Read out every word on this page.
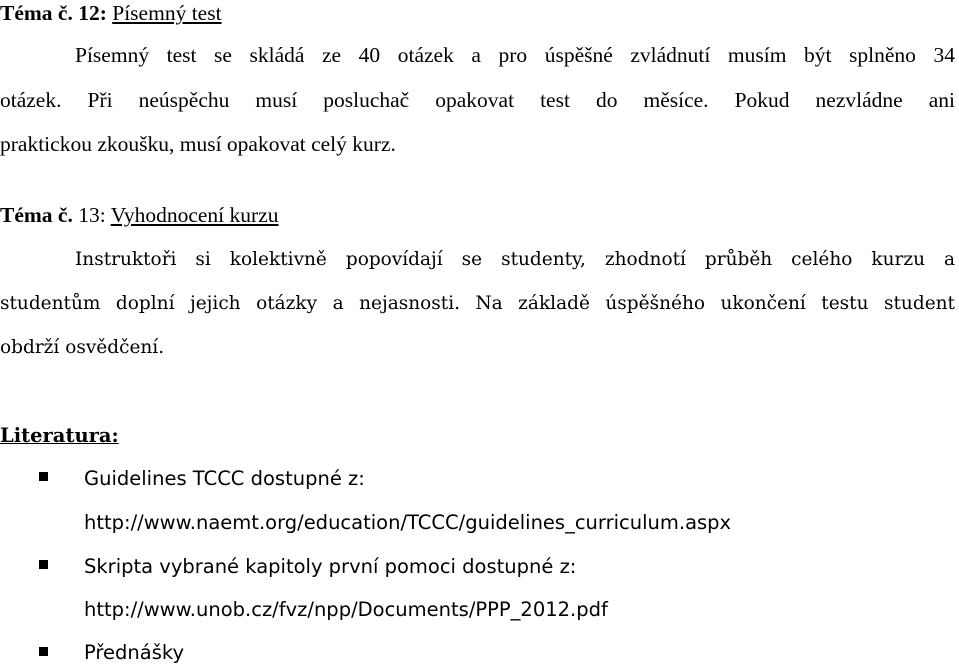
Téma č. 12: Písemný test
Písemný test se skládá ze 40 otázek a pro úspěšné zvládnutí musím být splněno 34
otázek. Při neúspěchu musí posluchač opakovat test do měsíce. Pokud nezvládne ani
praktickou zkoušku, musí opakovat celý kurz.
Téma č. 13: Vyhodnocení kurzu
Instruktoři si kolektivně popovídají se studenty, zhodnotí průběh celého kurzu a
studentům doplní jejich otázky a nejasnosti. Na základě úspěšného ukončení testu student
obdrží osvědčení.
Literatura:
Guidelines TCCC dostupné z:
http://www.naemt.org/education/TCCC/guidelines_curriculum.aspx
Skripta vybrané kapitoly první pomoci dostupné z:
http://www.unob.cz/fvz/npp/Documents/PPP_2012.pdf
Přednášky
